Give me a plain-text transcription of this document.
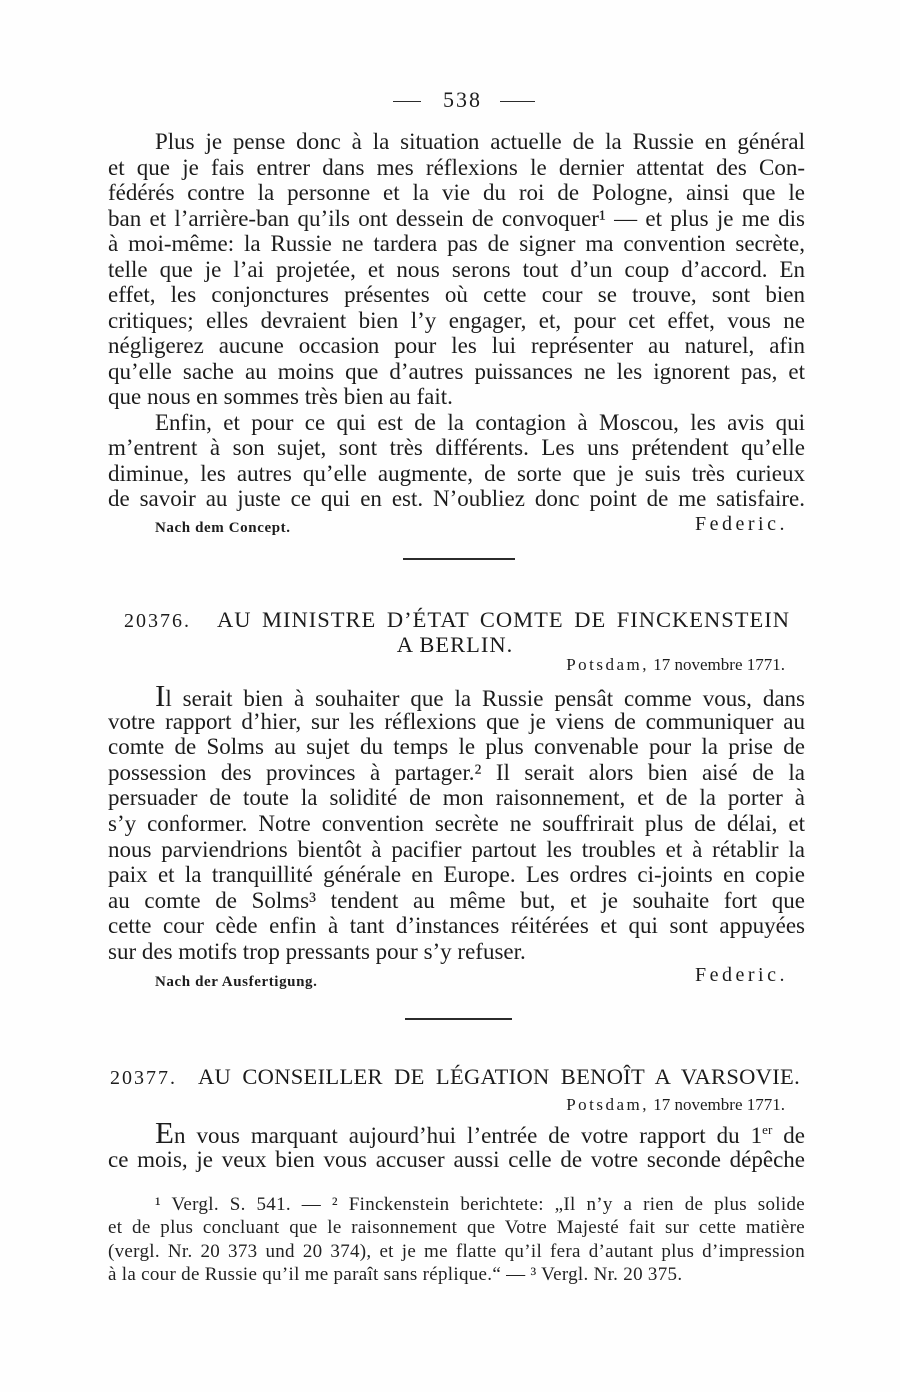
538
Plus je pense donc à la situation actuelle de la Russie en général
et que je fais entrer dans mes réflexions le dernier attentat des Con-
fédérés contre la personne et la vie du roi de Pologne, ainsi que le
ban et l’arrière-ban qu’ils ont dessein de convoquer¹ — et plus je me dis
à moi-même: la Russie ne tardera pas de signer ma convention secrète,
telle que je l’ai projetée, et nous serons tout d’un coup d’accord. En
effet, les conjonctures présentes où cette cour se trouve, sont bien
critiques; elles devraient bien l’y engager, et, pour cet effet, vous ne
négligerez aucune occasion pour les lui représenter au naturel, afin
qu’elle sache au moins que d’autres puissances ne les ignorent pas, et
que nous en sommes très bien au fait.
Enfin, et pour ce qui est de la contagion à Moscou, les avis qui
m’entrent à son sujet, sont très différents. Les uns prétendent qu’elle
diminue, les autres qu’elle augmente, de sorte que je suis très curieux
de savoir au juste ce qui en est. N’oubliez donc point de me satisfaire.
Nach dem Concept.	Federic.
20376. AU MINISTRE D’ÉTAT COMTE DE FINCKENSTEIN
A BERLIN.
Potsdam, 17 novembre 1771.
Il serait bien à souhaiter que la Russie pensât comme vous, dans
votre rapport d’hier, sur les réflexions que je viens de communiquer au
comte de Solms au sujet du temps le plus convenable pour la prise de
possession des provinces à partager.² Il serait alors bien aisé de la
persuader de toute la solidité de mon raisonnement, et de la porter à
s’y conformer. Notre convention secrète ne souffrirait plus de délai, et
nous parviendrions bientôt à pacifier partout les troubles et à rétablir la
paix et la tranquillité générale en Europe. Les ordres ci-joints en copie
au comte de Solms³ tendent au même but, et je souhaite fort que
cette cour cède enfin à tant d’instances réitérées et qui sont appuyées
sur des motifs trop pressants pour s’y refuser.
Nach der Ausfertigung.	Federic.
20377. AU CONSEILLER DE LÉGATION BENOÎT A VARSOVIE.
Potsdam, 17 novembre 1771.
En vous marquant aujourd’hui l’entrée de votre rapport du 1er de
ce mois, je veux bien vous accuser aussi celle de votre seconde dépêche
¹ Vergl. S. 541. — ² Finckenstein berichtete: „Il n’y a rien de plus solide
et de plus concluant que le raisonnement que Votre Majesté fait sur cette matière
(vergl. Nr. 20 373 und 20 374), et je me flatte qu’il fera d’autant plus d’impression
à la cour de Russie qu’il me paraît sans réplique.“ — ³ Vergl. Nr. 20 375.
